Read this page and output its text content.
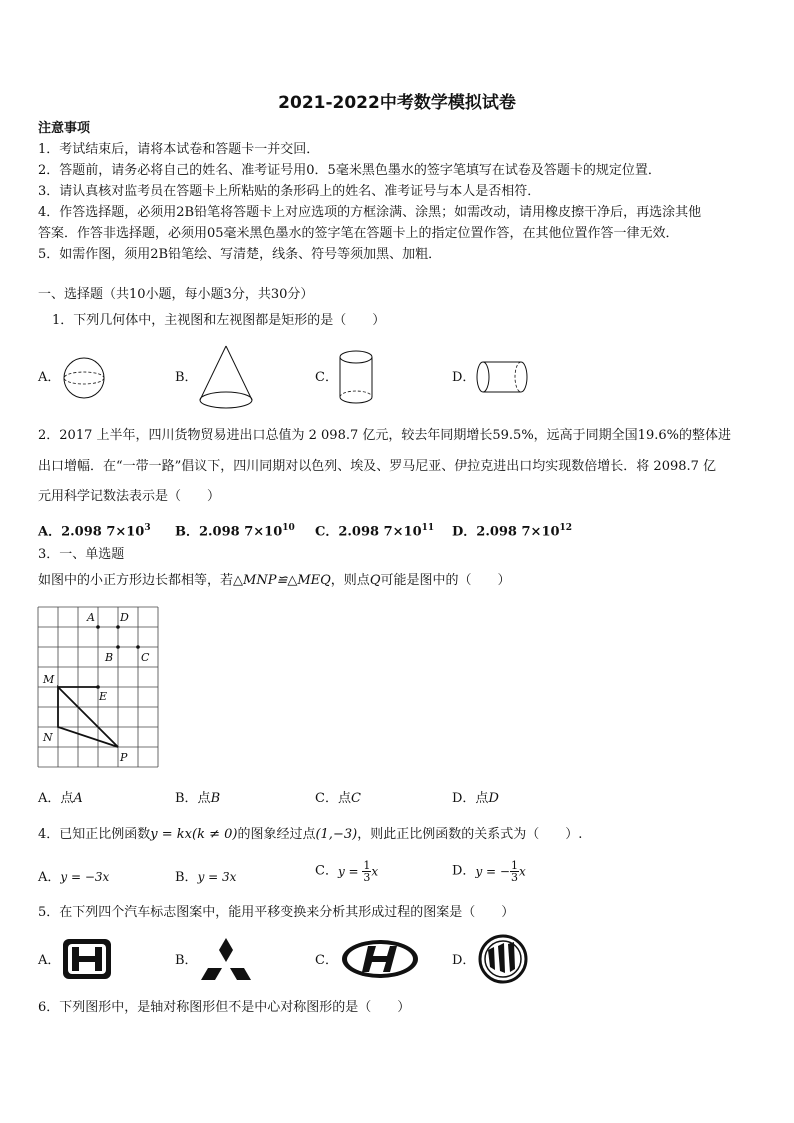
2021-2022中考数学模拟试卷
注意事项
1．考试结束后，请将本试卷和答题卡一并交回．
2．答题前，请务必将自己的姓名、准考证号用0．5毫米黑色墨水的签字笔填写在试卷及答题卡的规定位置．
3．请认真核对监考员在答题卡上所粘贴的条形码上的姓名、准考证号与本人是否相符．
4．作答选择题，必须用2B铅笔将答题卡上对应选项的方框涂满、涂黑；如需改动，请用橡皮擦干净后，再选涂其他
答案．作答非选择题，必须用05毫米黑色墨水的签字笔在答题卡上的指定位置作答，在其他位置作答一律无效．
5．如需作图，须用2B铅笔绘、写清楚，线条、符号等须加黑、加粗．
一、选择题（共10小题，每小题3分，共30分）
1．下列几何体中，主视图和左视图都是矩形的是（　　）
A．	B．	C．	D．
2．2017 上半年，四川货物贸易进出口总值为 2 098.7 亿元，较去年同期增长59.5%，远高于同期全国19.6%的整体进
出口增幅．在“一带一路”倡议下，四川同期对以色列、埃及、罗马尼亚、伊拉克进出口均实现数倍增长．将 2098.7 亿
元用科学记数法表示是（　　）
A．2.098 $7\times 10^3$ B．2.098 $7\times 10^{10}$ C．2.098 $7\times 10^{11}$ D．2.098 $7\times 10^{12}$
3．一、单选题
如图中的小正方形边长都相等，若△MNP≌△MEQ，则点Q可能是图中的（　　）
A D
B	C
M
E
N
P
A．点A	B．点B	C．点C	D．点D
4．已知正比例函数y = kx(k ≠ 0)的图象经过点(1,−3)，则此正比例函数的关系式为（　　）.
A．y = −3x	B．y = 3x	C．$y = \frac{1}{3}$ x	D．y = − $\frac{1}{3}$ x
5．在下列四个汽车标志图案中，能用平移变换来分析其形成过程的图案是（　　）
A．	B．	C．	D．
6．下列图形中，是轴对称图形但不是中心对称图形的是（　　）
